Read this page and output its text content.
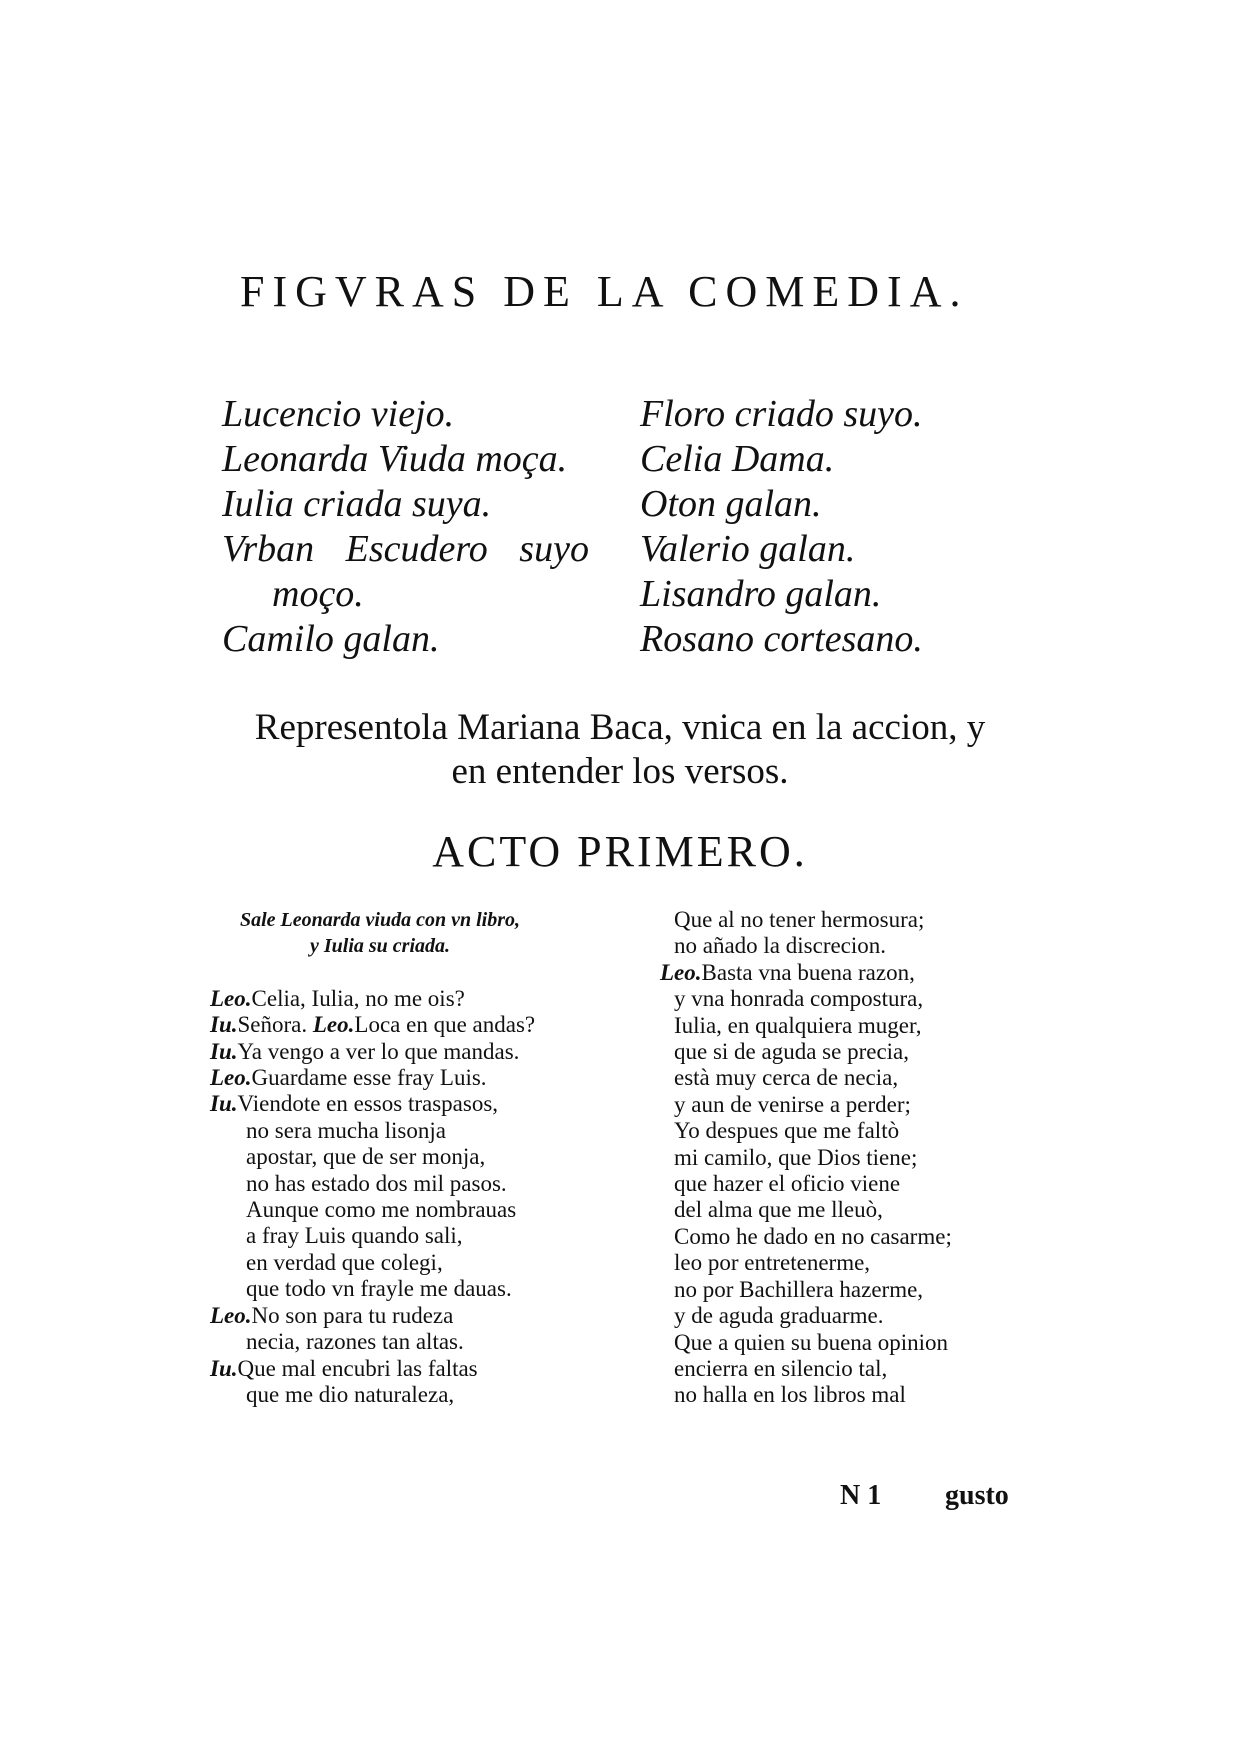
FIGVRAS DE LA COMEDIA.
Lucencio viejo.
Leonarda Viuda moça.
Iulia criada suya.
Vrban Escudero suyo
moço.
Camilo galan.
Floro criado suyo.
Celia Dama.
Oton galan.
Valerio galan.
Lisandro galan.
Rosano cortesano.
Representola Mariana Baca, vnica en la accion, y
en entender los versos.
ACTO PRIMERO.
Sale Leonarda viuda con vn libro,
y Iulia su criada.
Leo.Celia, Iulia, no me ois?
Iu.Señora. Leo.Loca en que andas?
Iu.Ya vengo a ver lo que mandas.
Leo.Guardame esse fray Luis.
Iu.Viendote en essos traspasos,
no sera mucha lisonja
apostar, que de ser monja,
no has estado dos mil pasos.
Aunque como me nombrauas
a fray Luis quando sali,
en verdad que colegi,
que todo vn frayle me dauas.
Leo.No son para tu rudeza
necia, razones tan altas.
Iu.Que mal encubri las faltas
que me dio naturaleza,
Que al no tener hermosura;
no añado la discrecion.
Leo.Basta vna buena razon,
y vna honrada compostura,
Iulia, en qualquiera muger,
que si de aguda se precia,
està muy cerca de necia,
y aun de venirse a perder;
Yo despues que me faltò
mi camilo, que Dios tiene;
que hazer el oficio viene
del alma que me lleuò,
Como he dado en no casarme;
leo por entretenerme,
no por Bachillera hazerme,
y de aguda graduarme.
Que a quien su buena opinion
encierra en silencio tal,
no halla en los libros mal
N 1 gusto
